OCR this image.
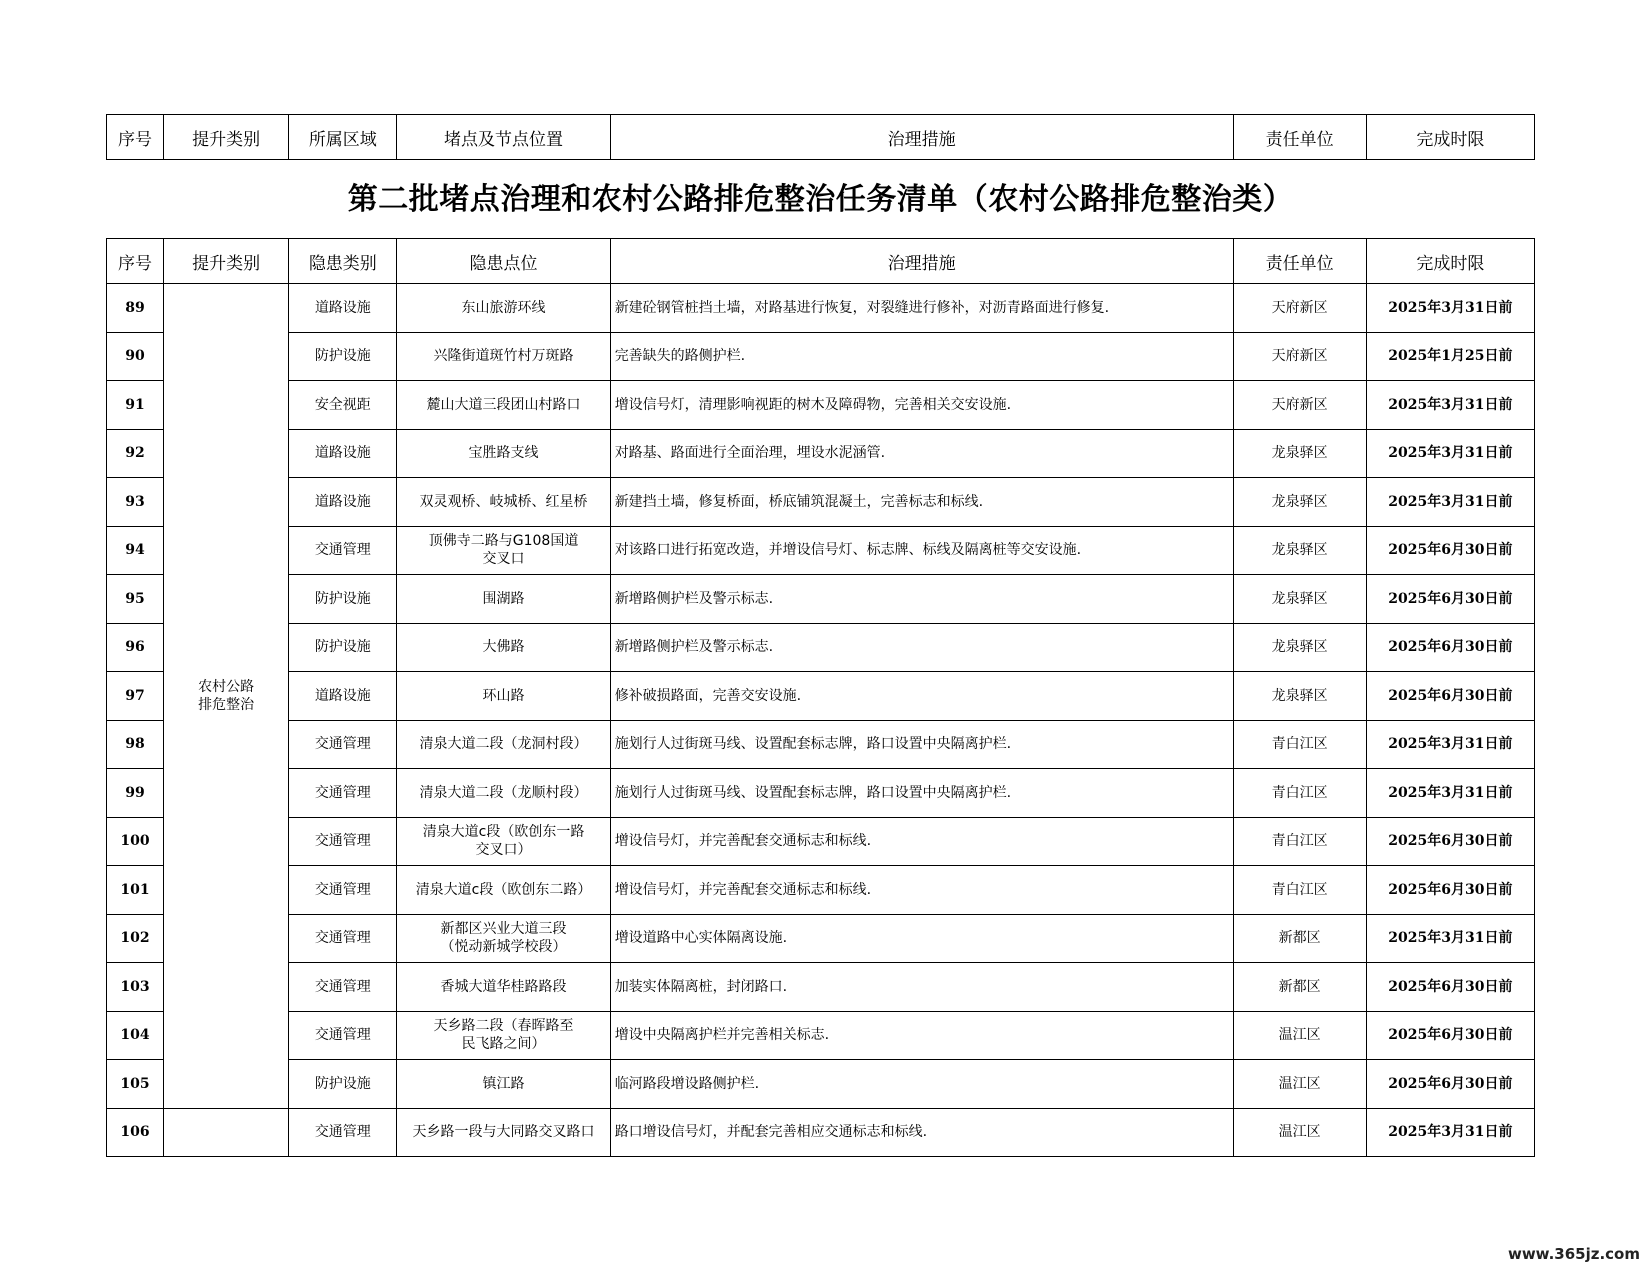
序号	提升类别	所属区域	堵点及节点位置	治理措施	责任单位	完成时限
第二批堵点治理和农村公路排危整治任务清单（农村公路排危整治类）
序号	提升类别	隐患类别	隐患点位	治理措施	责任单位	完成时限
89	农村公路
排危整治	道路设施	东山旅游环线	新建砼钢管桩挡土墙，对路基进行恢复，对裂缝进行修补，对沥青路面进行修复.	天府新区	2025年3月31日前
90		防护设施	兴隆街道斑竹村万斑路	完善缺失的路侧护栏.	天府新区	2025年1月25日前
91		安全视距	麓山大道三段团山村路口	增设信号灯，清理影响视距的树木及障碍物，完善相关交安设施.	天府新区	2025年3月31日前
92		道路设施	宝胜路支线	对路基、路面进行全面治理，埋设水泥涵管.	龙泉驿区	2025年3月31日前
93		道路设施	双灵观桥、岐城桥、红星桥	新建挡土墙，修复桥面，桥底铺筑混凝土，完善标志和标线.	龙泉驿区	2025年3月31日前
94		交通管理	顶佛寺二路与G108国道
交叉口	对该路口进行拓宽改造，并增设信号灯、标志牌、标线及隔离桩等交安设施.	龙泉驿区	2025年6月30日前
95		防护设施	围湖路	新增路侧护栏及警示标志.	龙泉驿区	2025年6月30日前
96		防护设施	大佛路	新增路侧护栏及警示标志.	龙泉驿区	2025年6月30日前
97		道路设施	环山路	修补破损路面，完善交安设施.	龙泉驿区	2025年6月30日前
98		交通管理	清泉大道二段（龙洞村段）	施划行人过街斑马线、设置配套标志牌，路口设置中央隔离护栏.	青白江区	2025年3月31日前
99		交通管理	清泉大道二段（龙顺村段）	施划行人过街斑马线、设置配套标志牌，路口设置中央隔离护栏.	青白江区	2025年3月31日前
100		交通管理	清泉大道c段（欧创东一路
交叉口）	增设信号灯，并完善配套交通标志和标线.	青白江区	2025年6月30日前
101		交通管理	清泉大道c段（欧创东二路）	增设信号灯，并完善配套交通标志和标线.	青白江区	2025年6月30日前
102		交通管理	新都区兴业大道三段
（悦动新城学校段）	增设道路中心实体隔离设施.	新都区	2025年3月31日前
103		交通管理	香城大道华桂路路段	加装实体隔离桩，封闭路口.	新都区	2025年6月30日前
104		交通管理	天乡路二段（春晖路至
民飞路之间）	增设中央隔离护栏并完善相关标志.	温江区	2025年6月30日前
105		防护设施	镇江路	临河路段增设路侧护栏.	温江区	2025年6月30日前
106		交通管理	天乡路一段与大同路交叉路口	路口增设信号灯，并配套完善相应交通标志和标线.	温江区	2025年3月31日前
www.365jz.com
